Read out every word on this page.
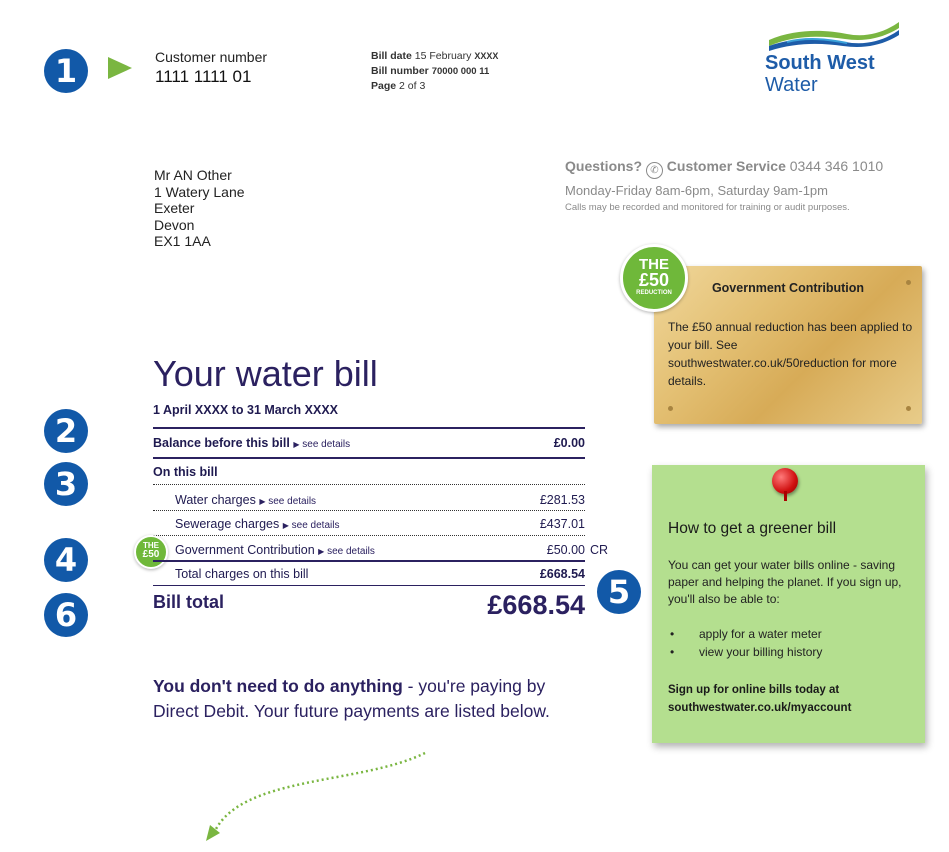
1
2
3
4
5
6
Customer number
1111 1111 01
Bill date 15 February XXXX
Bill number 70000 000 11
Page 2 of 3
South West
Water
Mr AN Other
1 Watery Lane
Exeter
Devon
EX1 1AA
Questions? ✆ Customer Service 0344 346 1010
Monday-Friday 8am-6pm, Saturday 9am-1pm
Calls may be recorded and monitored for training or audit purposes.
Government Contribution
The £50 annual reduction has been applied to your bill. See southwestwater.co.uk/50reduction for more details.
THE
£50
REDUCTION
Your water bill
1 April XXXX to 31 March XXXX
Balance before this bill ▶ see details	£0.00
On this bill
Water charges ▶ see details	£281.53
Sewerage charges ▶ see details	£437.01
THE
£50	Government Contribution ▶ see details	£50.00 CR
Total charges on this bill	£668.54
Bill total	£668.54
You don't need to do anything - you're paying by Direct Debit. Your future payments are listed below.
How to get a greener bill
You can get your water bills online - saving paper and helping the planet. If you sign up, you'll also be able to:
• apply for a water meter
• view your billing history
Sign up for online bills today at southwestwater.co.uk/myaccount
